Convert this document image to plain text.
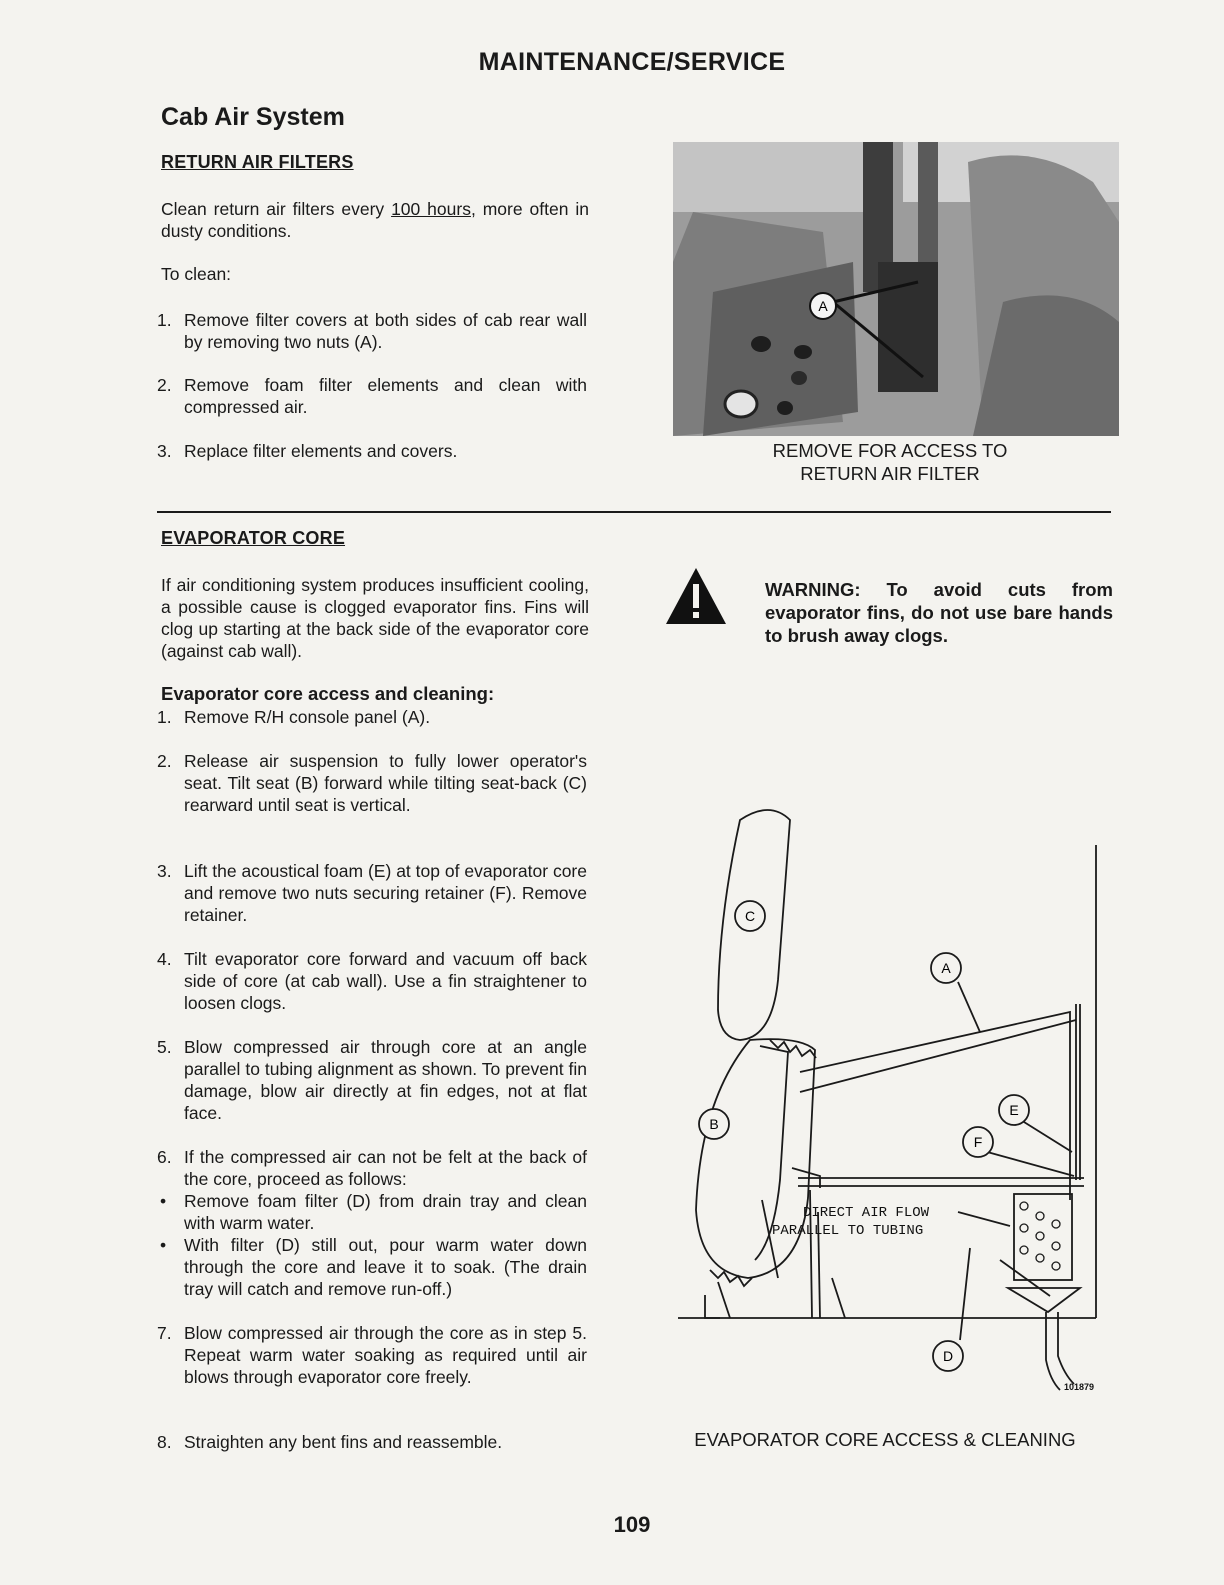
MAINTENANCE/SERVICE
Cab Air System
RETURN AIR FILTERS
Clean return air filters every 100 hours, more often in dusty conditions.
To clean:
1. Remove filter covers at both sides of cab rear wall by removing two nuts (A).
2. Remove foam filter elements and clean with compressed air.
3. Replace filter elements and covers.
A
REMOVE FOR ACCESS TO
RETURN AIR FILTER
EVAPORATOR CORE
If air conditioning system produces insufficient cooling, a possible cause is clogged evaporator fins. Fins will clog up starting at the back side of the evaporator core (against cab wall).
WARNING: To avoid cuts from evaporator fins, do not use bare hands to brush away clogs.
Evaporator core access and cleaning:
1. Remove R/H console panel (A).
2. Release air suspension to fully lower operator's seat. Tilt seat (B) forward while tilting seat-back (C) rearward until seat is vertical.
3. Lift the acoustical foam (E) at top of evaporator core and remove two nuts securing retainer (F). Remove retainer.
4. Tilt evaporator core forward and vacuum off back side of core (at cab wall). Use a fin straightener to loosen clogs.
5. Blow compressed air through core at an angle parallel to tubing alignment as shown. To prevent fin damage, blow air directly at fin edges, not at flat face.
6. If the compressed air can not be felt at the back of the core, proceed as follows:
• Remove foam filter (D) from drain tray and clean with warm water.
• With filter (D) still out, pour warm water down through the core and leave it to soak. (The drain tray will catch and remove run-off.)
7. Blow compressed air through the core as in step 5. Repeat warm water soaking as required until air blows through evaporator core freely.
8. Straighten any bent fins and reassemble.
C
A
B
E
F
D
DIRECT AIR FLOW
PARALLEL TO TUBING
101879
EVAPORATOR CORE ACCESS & CLEANING
109
